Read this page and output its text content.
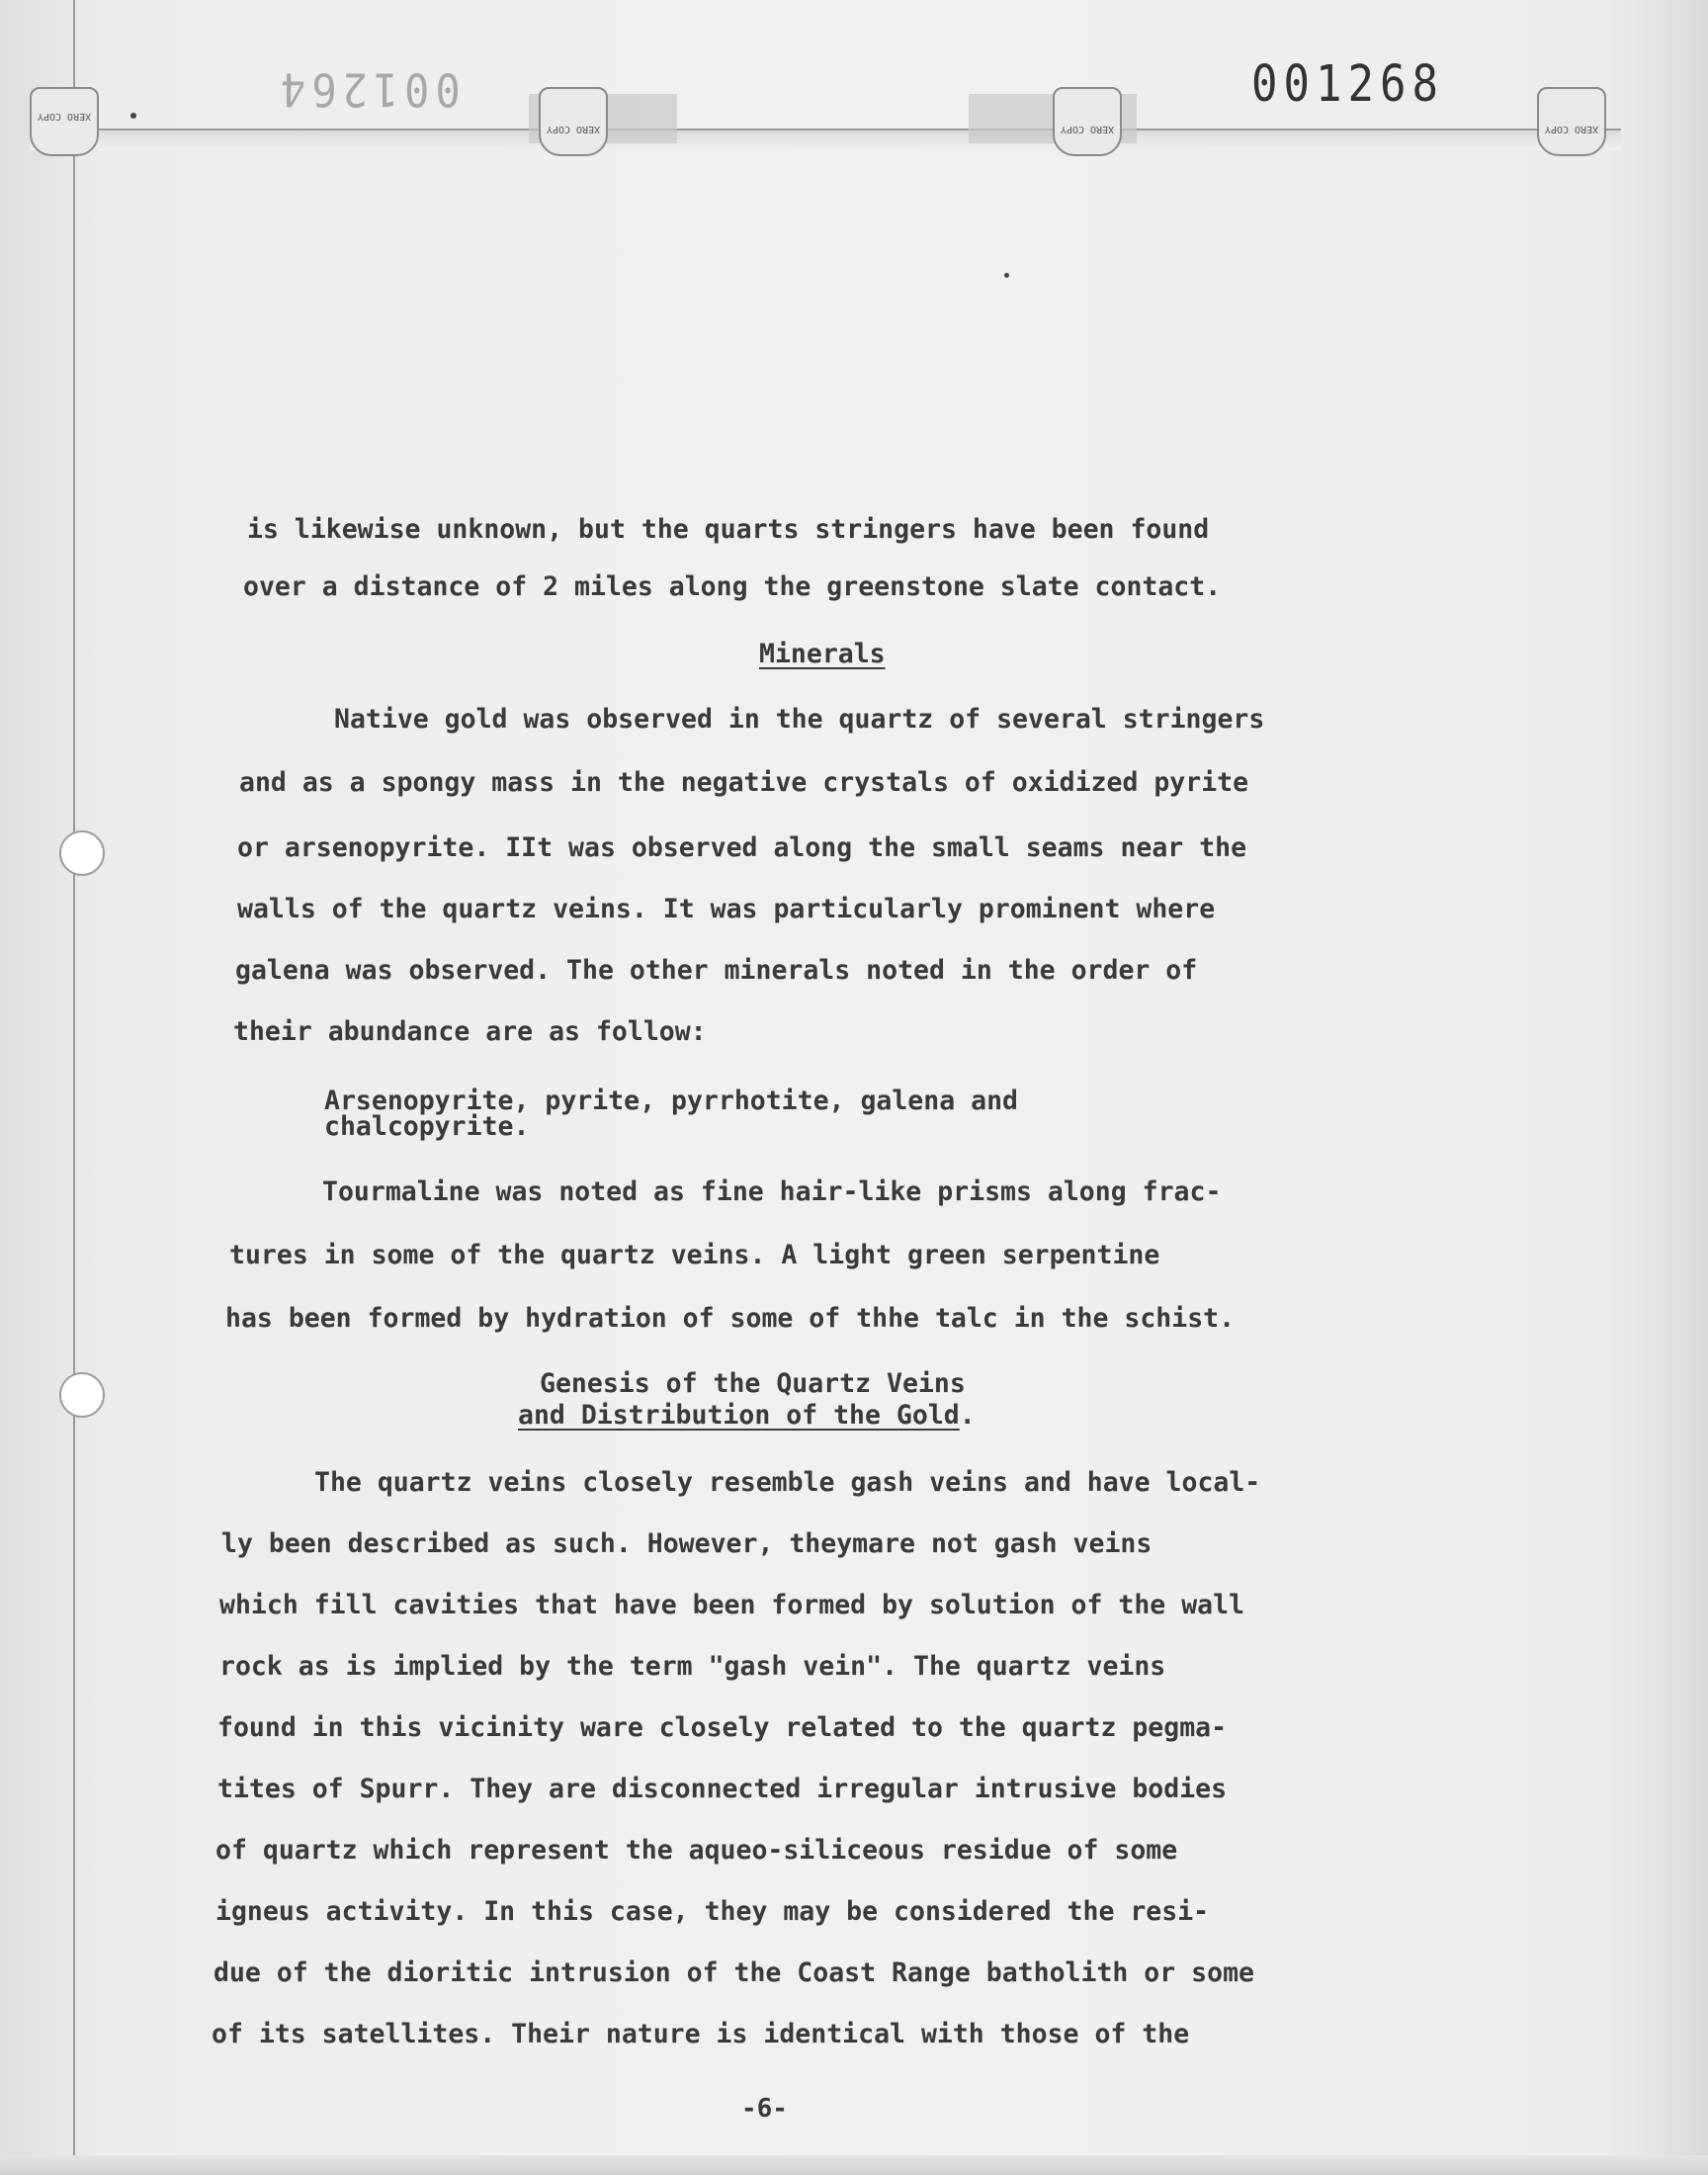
XERO COPY
XERO COPY	XERO COPY	XERO COPY
001264	001268
is likewise unknown, but the quarts stringers have been found
over a distance of 2 miles along the greenstone slate contact.
Minerals
Native gold was observed in the quartz of several stringers
and as a spongy mass in the negative crystals of oxidized pyrite
or arsenopyrite. IIt was observed along the small seams near the
walls of the quartz veins. It was particularly prominent where
galena was observed. The other minerals noted in the order of
their abundance are as follow:
Arsenopyrite, pyrite, pyrrhotite, galena and
chalcopyrite.
Tourmaline was noted as fine hair-like prisms along frac-
tures in some of the quartz veins. A light green serpentine
has been formed by hydration of some of thhe talc in the schist.
Genesis of the Quartz Veins
and Distribution of the Gold.
The quartz veins closely resemble gash veins and have local-
ly been described as such. However, theymare not gash veins
which fill cavities that have been formed by solution of the wall
rock as is implied by the term "gash vein". The quartz veins
found in this vicinity ware closely related to the quartz pegma-
tites of Spurr. They are disconnected irregular intrusive bodies
of quartz which represent the aqueo-siliceous residue of some
igneus activity. In this case, they may be considered the resi-
due of the dioritic intrusion of the Coast Range batholith or some
of its satellites. Their nature is identical with those of the
-6-
